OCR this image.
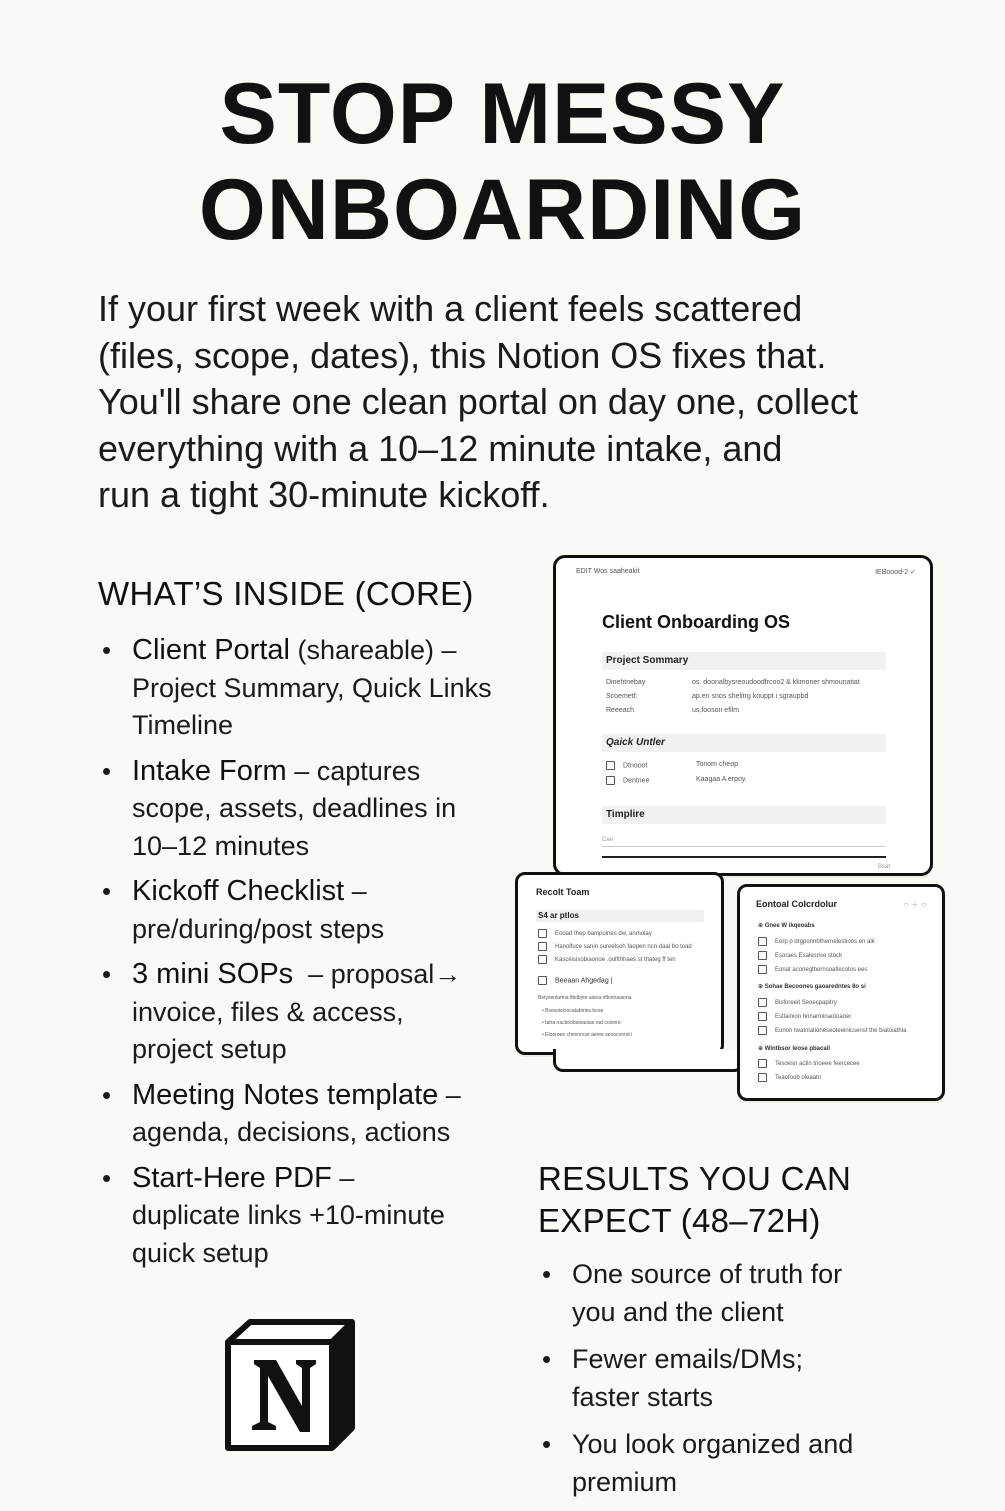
STOP MESSY
ONBOARDING
If your first week with a client feels scattered
(files, scope, dates), this Notion OS fixes that.
You'll share one clean portal on day one, collect
everything with a 10–12 minute intake, and
run a tight 30-minute kickoff.
WHAT’S INSIDE (CORE)
• Client Portal (shareable) –
Project Summary, Quick Links
Timeline
• Intake Form – captures
scope, assets, deadlines in
10–12 minutes
• Kickoff Checklist –
pre/during/post steps
• 3 mini SOPs  – proposal→
invoice, files & access,
project setup
• Meeting Notes template –
agenda, decisions, actions
• Start-Here PDF –
duplicate links +10-minute
quick setup
EDIT Wos saaheakit	IEBoood-2 ✓
Client Onboarding OS
Project Sommary
Dinehtnebay	os. doonalbysreoudoodfrcoo2 & kkmoner shmounatiat
Scoemetf:	ap.en snos shelitrg kouppt i sgraupbd
Reeeach	us,fooson efilm
Qaick Untler
Dtnooot	Tonom cheop
Dentnee	Kaagaa A erpoy.
Timplire
Cee
Bsat
Recolt Toam
S4 ar ptlos
Eooad thep bampuines dw, anmolay
Hanolfuce sanin sureelsoh faopen ncn daal bo toad
Kasceisisobiaonoe .ooflthhaes st thateg ff ten
Beeaan Ahgedag |
Betysenlartna ltbdbyte aiaoa efbotnaaiona
• Bsesoieciocatabtries.bose
• tatra nacboobsteaoiae eat coionre
• Elooroee chennoost aeree seooconnd i
Eontoal Colcrdolur	○ ＋ ○
⊕ Gnee W ikqeoabs
Eorp p drgponnbthernelestioos en alk
Esoraes Esalesrise stock
Eonat aconegtbernsoatlecotos ees
⊕ Sohae Becoones gaoaredntes 8o si
Bisforeeit Seoecpapitry
Estlainion hnnarminaotoaoer
Eonon twatnlationeseoteeinicsenst the biatoiathla
⊕ Wintbsor leose pbacall
Tesoesn actin trioeee feercecee
Teaofoob oleaatn
RESULTS YOU CAN
EXPECT (48–72H)
• One source of truth for
you and the client
• Fewer emails/DMs;
faster starts
• You look organized and
premium
